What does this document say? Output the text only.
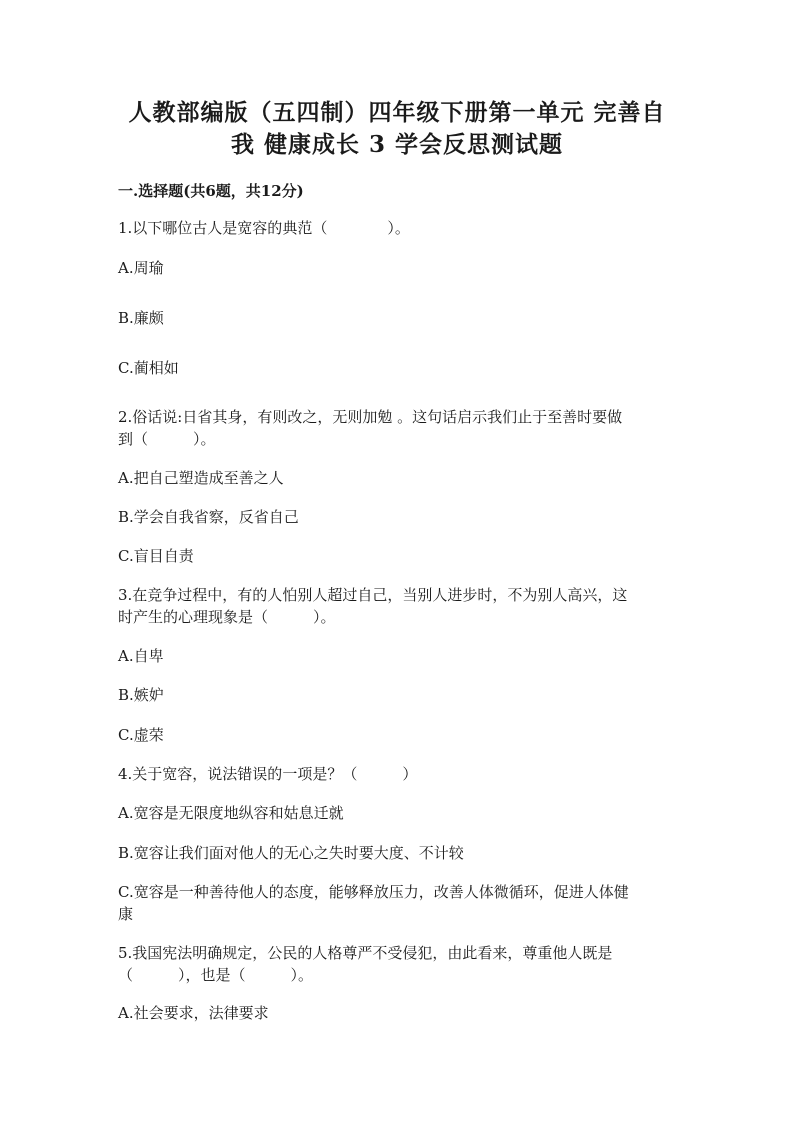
人教部编版（五四制）四年级下册第一单元 完善自
我 健康成长 3 学会反思测试题
一.选择题(共6题，共12分)
1.以下哪位古人是宽容的典范（　　　　）。
A.周瑜
B.廉颇
C.蔺相如
2.俗话说:日省其身，有则改之，无则加勉 。这句话启示我们止于至善时要做
到（　　　）。
A.把自己塑造成至善之人
B.学会自我省察，反省自己
C.盲目自责
3.在竞争过程中，有的人怕别人超过自己，当别人进步时，不为别人高兴，这
时产生的心理现象是（　　　）。
A.自卑
B.嫉妒
C.虚荣
4.关于宽容，说法错误的一项是？（　　　）
A.宽容是无限度地纵容和姑息迁就
B.宽容让我们面对他人的无心之失时要大度、不计较
C.宽容是一种善待他人的态度，能够释放压力，改善人体微循环，促进人体健
康
5.我国宪法明确规定，公民的人格尊严不受侵犯，由此看来，尊重他人既是
（　　　），也是（　　　）。
A.社会要求，法律要求
